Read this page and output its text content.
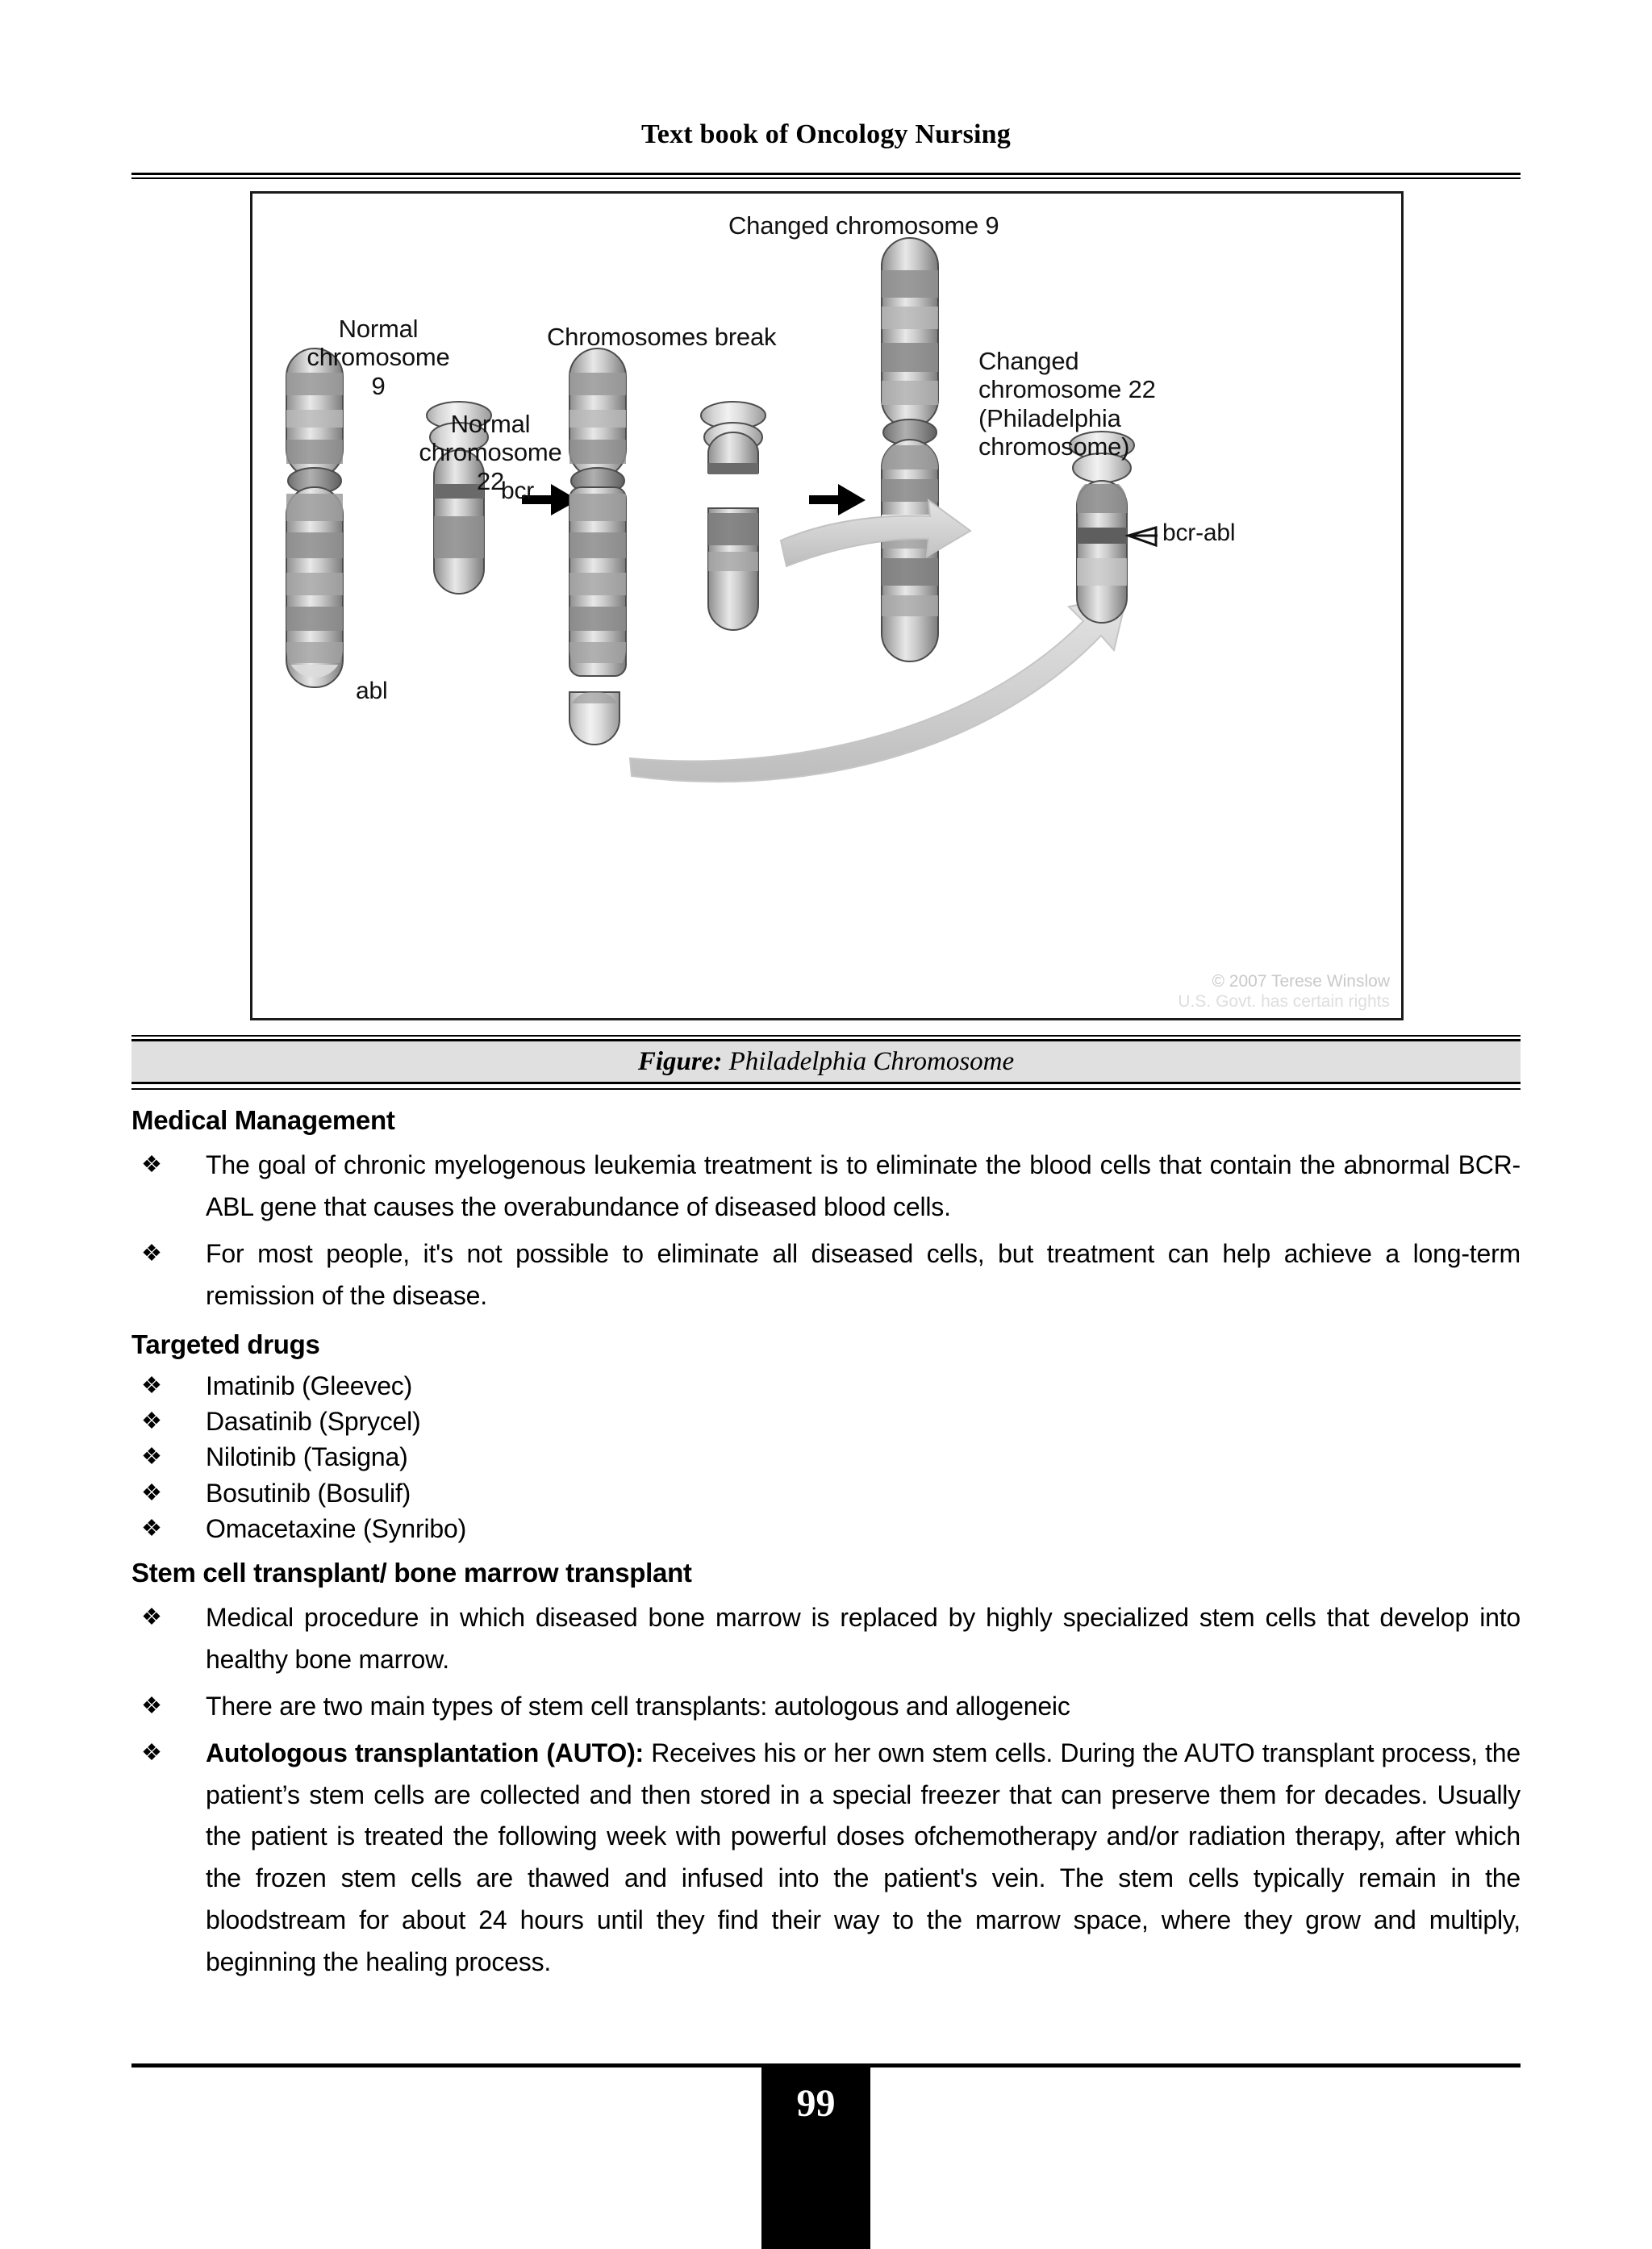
Text book of Oncology Nursing
Normal
chromosome 9
Normal
chromosome 22
Chromosomes break
Changed chromosome 9
Changed
chromosome 22
(Philadelphia
chromosome)
bcr
abl
bcr-abl
© 2007 Terese Winslow
U.S. Govt. has certain rights
Figure: Philadelphia Chromosome
Medical Management
❖ The goal of chronic myelogenous leukemia treatment is to eliminate the blood cells that contain the abnormal BCR-ABL gene that causes the overabundance of diseased blood cells.
❖ For most people, it's not possible to eliminate all diseased cells, but treatment can help achieve a long-term remission of the disease.
Targeted drugs
❖ Imatinib (Gleevec)
❖ Dasatinib (Sprycel)
❖ Nilotinib (Tasigna)
❖ Bosutinib (Bosulif)
❖ Omacetaxine (Synribo)
Stem cell transplant/ bone marrow transplant
❖ Medical procedure in which diseased bone marrow is replaced by highly specialized stem cells that develop into healthy bone marrow.
❖ There are two main types of stem cell transplants: autologous and allogeneic
❖ Autologous transplantation (AUTO): Receives his or her own stem cells. During the AUTO transplant process, the patient’s stem cells are collected and then stored in a special freezer that can preserve them for decades. Usually the patient is treated the following week with powerful doses ofchemotherapy and/or radiation therapy, after which the frozen stem cells are thawed and infused into the patient's vein. The stem cells typically remain in the bloodstream for about 24 hours until they find their way to the marrow space, where they grow and multiply, beginning the healing process.
99
